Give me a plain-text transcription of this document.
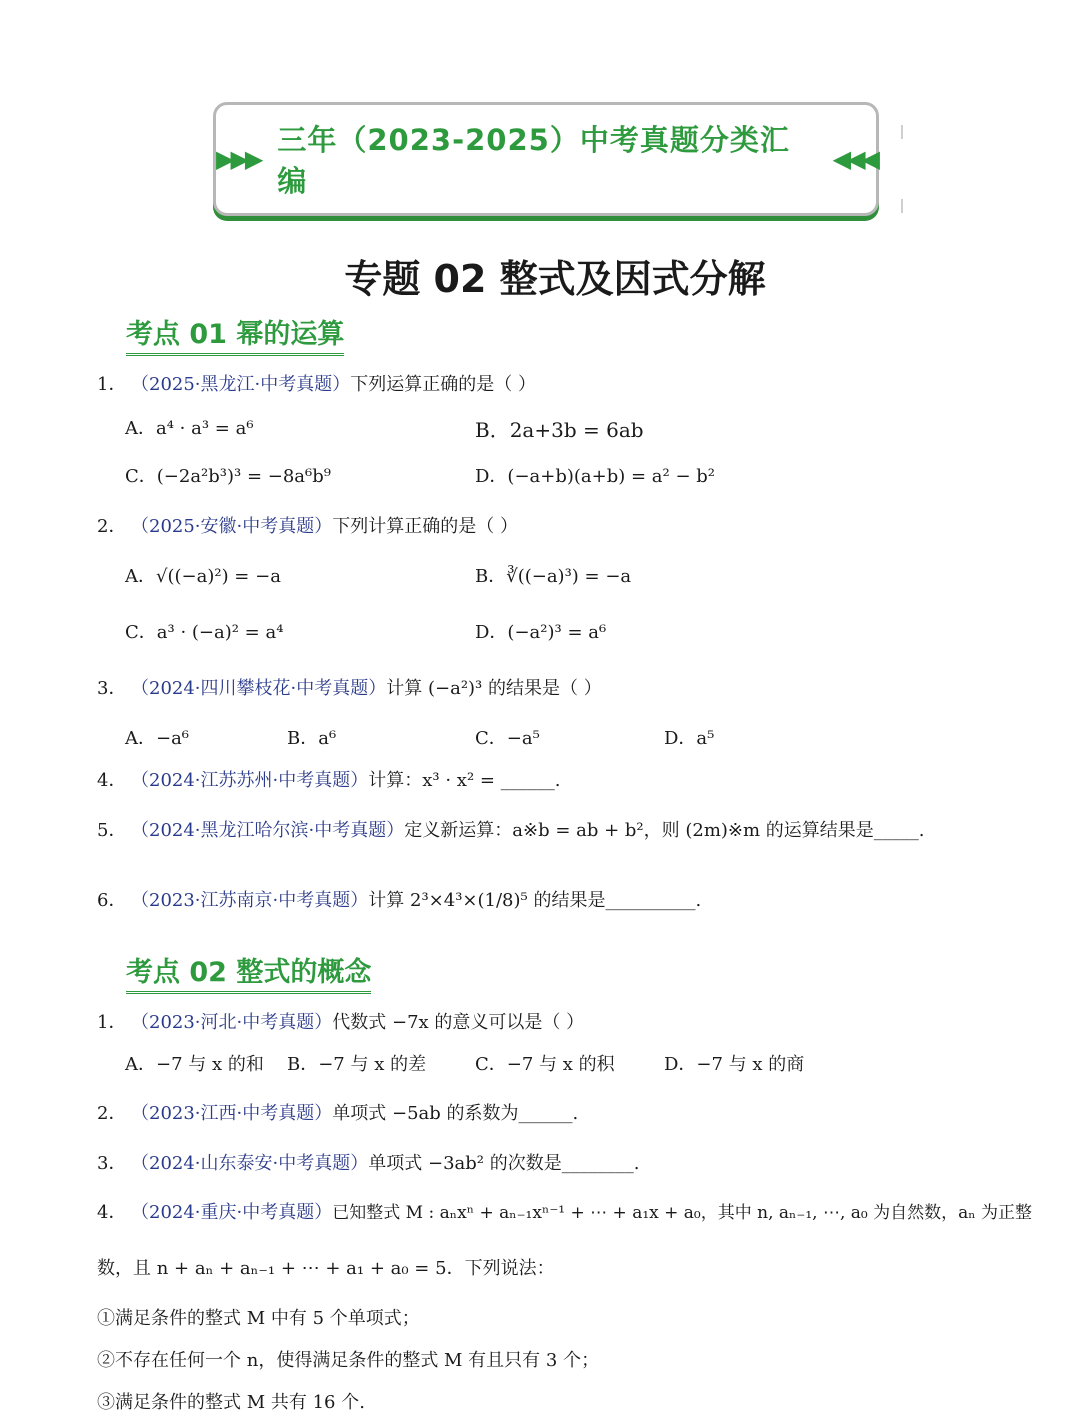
▶▶▶
三年（2023-2025）中考真题分类汇编
◀◀◀
专题 02 整式及因式分解
考点 01 幂的运算
1． （2025·黑龙江·中考真题）下列运算正确的是（ ）
A．a⁴ · a³ = a⁶	B．2a+3b = 6ab
C．(−2a²b³)³ = −8a⁶b⁹	D．(−a+b)(a+b) = a² − b²
2． （2025·安徽·中考真题）下列计算正确的是（ ）
A．√((−a)²) = −a	B．∛((−a)³) = −a
C．a³ · (−a)² = a⁴	D．(−a²)³ = a⁶
3． （2024·四川攀枝花·中考真题）计算 (−a²)³ 的结果是（ ）
A．−a⁶	B．a⁶	C．−a⁵	D．a⁵
4． （2024·江苏苏州·中考真题）计算：x³ · x² = ______.
5． （2024·黑龙江哈尔滨·中考真题）定义新运算：a※b = ab + b²，则 (2m)※m 的运算结果是_____.
6． （2023·江苏南京·中考真题）计算 2³×4³×(1/8)⁵ 的结果是__________.
考点 02 整式的概念
1． （2023·河北·中考真题）代数式 −7x 的意义可以是（ ）
A．−7 与 x 的和 B．−7 与 x 的差	C．−7 与 x 的积	D．−7 与 x 的商
2． （2023·江西·中考真题）单项式 −5ab 的系数为______.
3． （2024·山东泰安·中考真题）单项式 −3ab² 的次数是________.
4． （2024·重庆·中考真题）已知整式 M : aₙxⁿ + aₙ₋₁xⁿ⁻¹ + ⋯ + a₁x + a₀，其中 n, aₙ₋₁, ⋯, a₀ 为自然数，aₙ 为正整
数，且 n + aₙ + aₙ₋₁ + ⋯ + a₁ + a₀ = 5．下列说法：
①满足条件的整式 M 中有 5 个单项式；
②不存在任何一个 n，使得满足条件的整式 M 有且只有 3 个；
③满足条件的整式 M 共有 16 个.
